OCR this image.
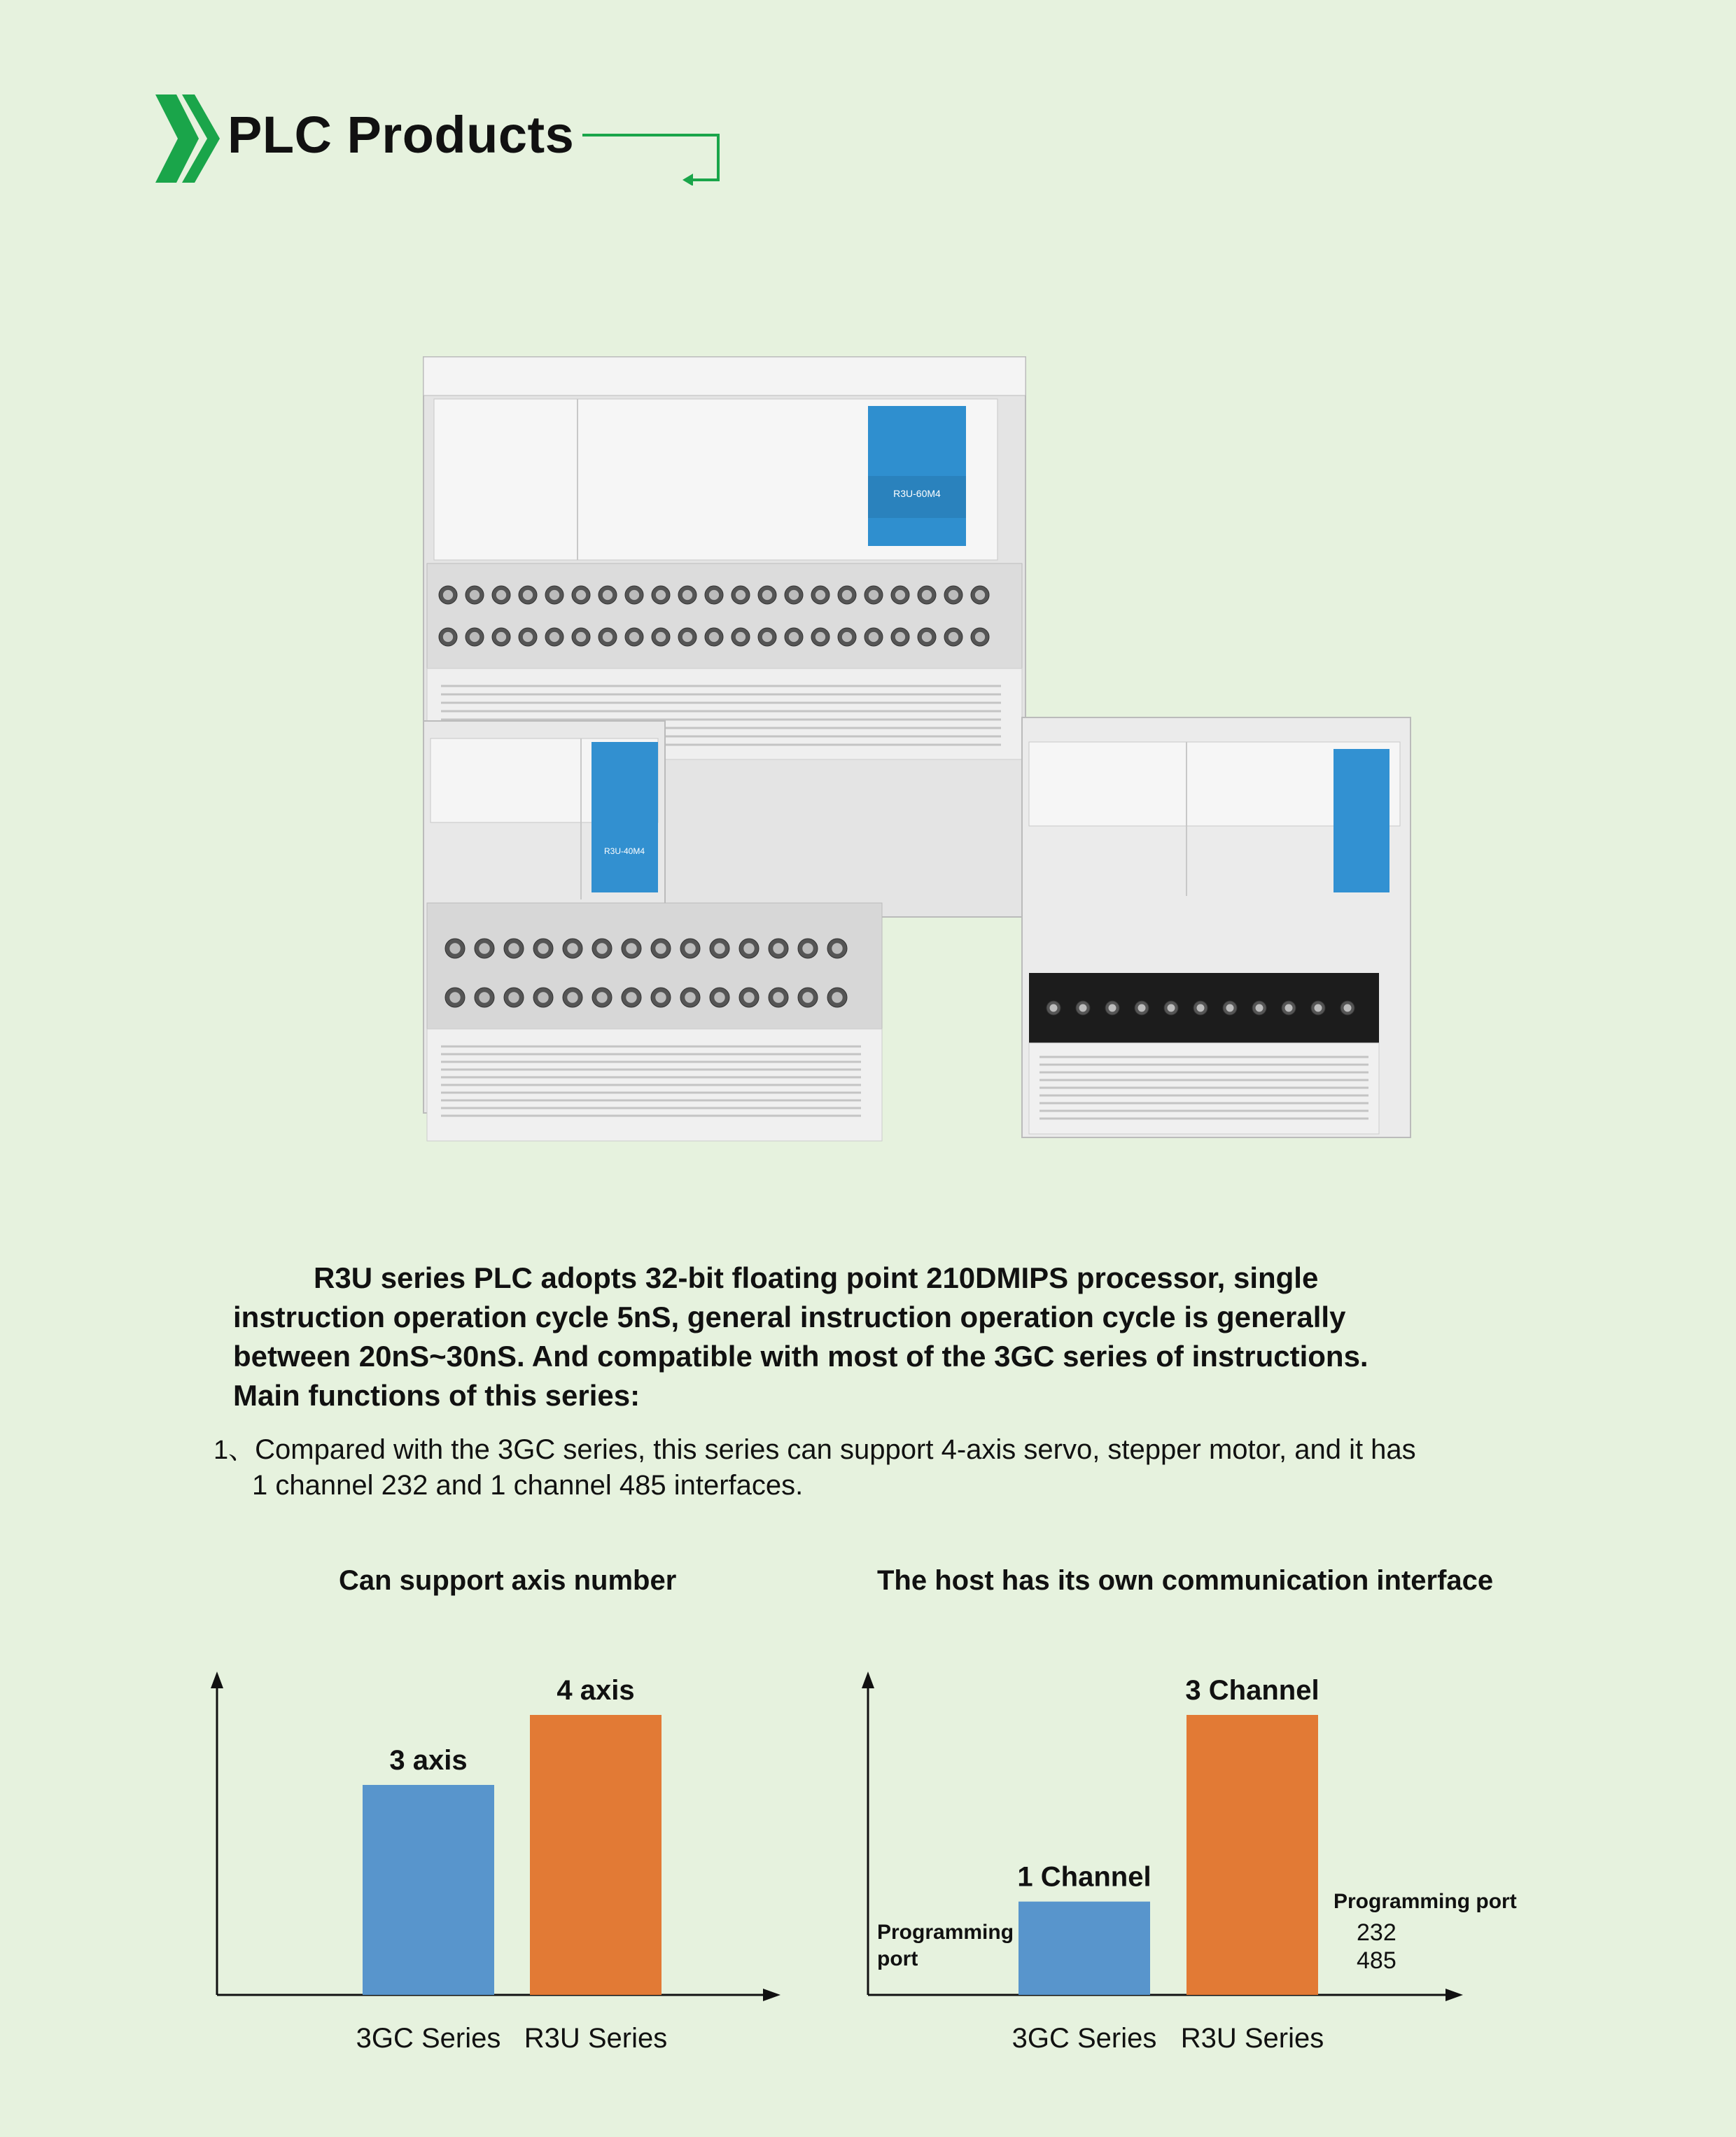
PLC Products
R3U-60M4
R3U-40M4

R3U series PLC adopts 32-bit floating point 210DMIPS processor, single

instruction operation cycle 5nS, general instruction operation cycle is generally

between 20nS~30nS. And compatible with most of the 3GC series of instructions.

Main functions of this series:

1、Compared with the 3GC series, this series can support 4-axis servo, stepper motor, and it has
1 channel 232 and 1 channel 485 interfaces.
Can support axis number	The host has its own communication interface
3 axis
3GC Series
4 axis
R3U Series
1 Channel
3GC Series
3 Channel
R3U Series
Programming port
Programming port
232
485
